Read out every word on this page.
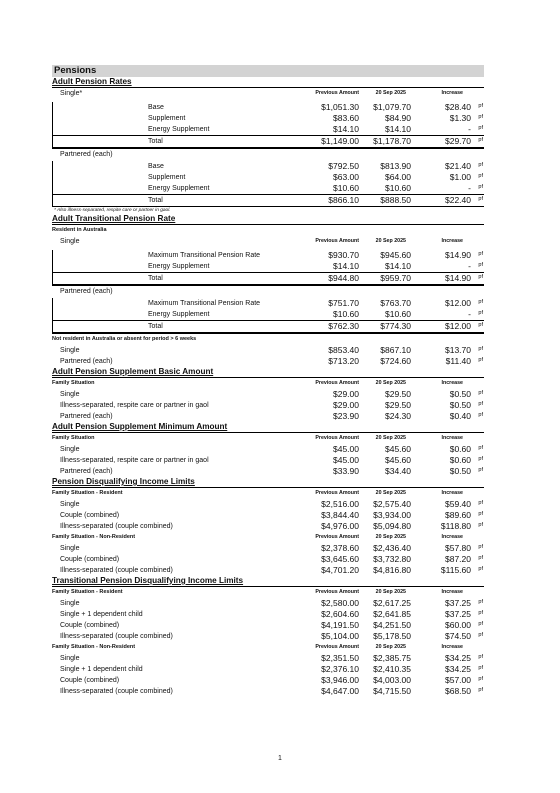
Pensions
Adult Pension Rates
Single*	Previous Amount	20 Sep 2025	Increase
Base	$1,051.30 $1,079.70	$28.40 pf
Supplement	$83.60	$84.90	$1.30 pf
Energy Supplement	$14.10	$14.10	- pf
Total	$1,149.00 $1,178.70	$29.70 pf
Partnered (each)
Base	$792.50	$813.90	$21.40 pf
Supplement	$63.00	$64.00	$1.00 pf
Energy Supplement	$10.60	$10.60	- pf
Total	$866.10	$888.50	$22.40 pf
* Also illness-separated, respite care or partner in gaol.
Adult Transitional Pension Rate
Resident in Australia
Single	Previous Amount	20 Sep 2025	Increase
Maximum Transitional Pension Rate	$930.70	$945.60	$14.90 pf
Energy Supplement	$14.10	$14.10	- pf
Total	$944.80	$959.70	$14.90 pf
Partnered (each)
Maximum Transitional Pension Rate	$751.70	$763.70	$12.00 pf
Energy Supplement	$10.60	$10.60	- pf
Total	$762.30	$774.30	$12.00 pf
Not resident in Australia or absent for period > 6 weeks
Single	$853.40	$867.10	$13.70 pf
Partnered (each)	$713.20	$724.60	$11.40 pf
Adult Pension Supplement Basic Amount
Family Situation	Previous Amount	20 Sep 2025	Increase
Single	$29.00	$29.50	$0.50 pf
Illness-separated, respite care or partner in gaol	$29.00	$29.50	$0.50 pf
Partnered (each)	$23.90	$24.30	$0.40 pf
Adult Pension Supplement Minimum Amount
Family Situation	Previous Amount	20 Sep 2025	Increase
Single	$45.00	$45.60	$0.60 pf
Illness-separated, respite care or partner in gaol	$45.00	$45.60	$0.60 pf
Partnered (each)	$33.90	$34.40	$0.50 pf
Pension Disqualifying Income Limits
Family Situation - Resident	Previous Amount	20 Sep 2025	Increase
Single	$2,516.00 $2,575.40	$59.40 pf
Couple (combined)	$3,844.40 $3,934.00	$89.60 pf
Illness-separated (couple combined)	$4,976.00 $5,094.80	$118.80 pf
Family Situation - Non-Resident	Previous Amount	20 Sep 2025	Increase
Single	$2,378.60 $2,436.40	$57.80 pf
Couple (combined)	$3,645.60 $3,732.80	$87.20 pf
Illness-separated (couple combined)	$4,701.20 $4,816.80	$115.60 pf
Transitional Pension Disqualifying Income Limits
Family Situation - Resident	Previous Amount	20 Sep 2025	Increase
Single	$2,580.00 $2,617.25	$37.25 pf
Single + 1 dependent child	$2,604.60 $2,641.85	$37.25 pf
Couple (combined)	$4,191.50 $4,251.50	$60.00 pf
Illness-separated (couple combined)	$5,104.00 $5,178.50	$74.50 pf
Family Situation - Non-Resident	Previous Amount	20 Sep 2025	Increase
Single	$2,351.50 $2,385.75	$34.25 pf
Single + 1 dependent child	$2,376.10 $2,410.35	$34.25 pf
Couple (combined)	$3,946.00 $4,003.00	$57.00 pf
Illness-separated (couple combined)	$4,647.00 $4,715.50	$68.50 pf
1
